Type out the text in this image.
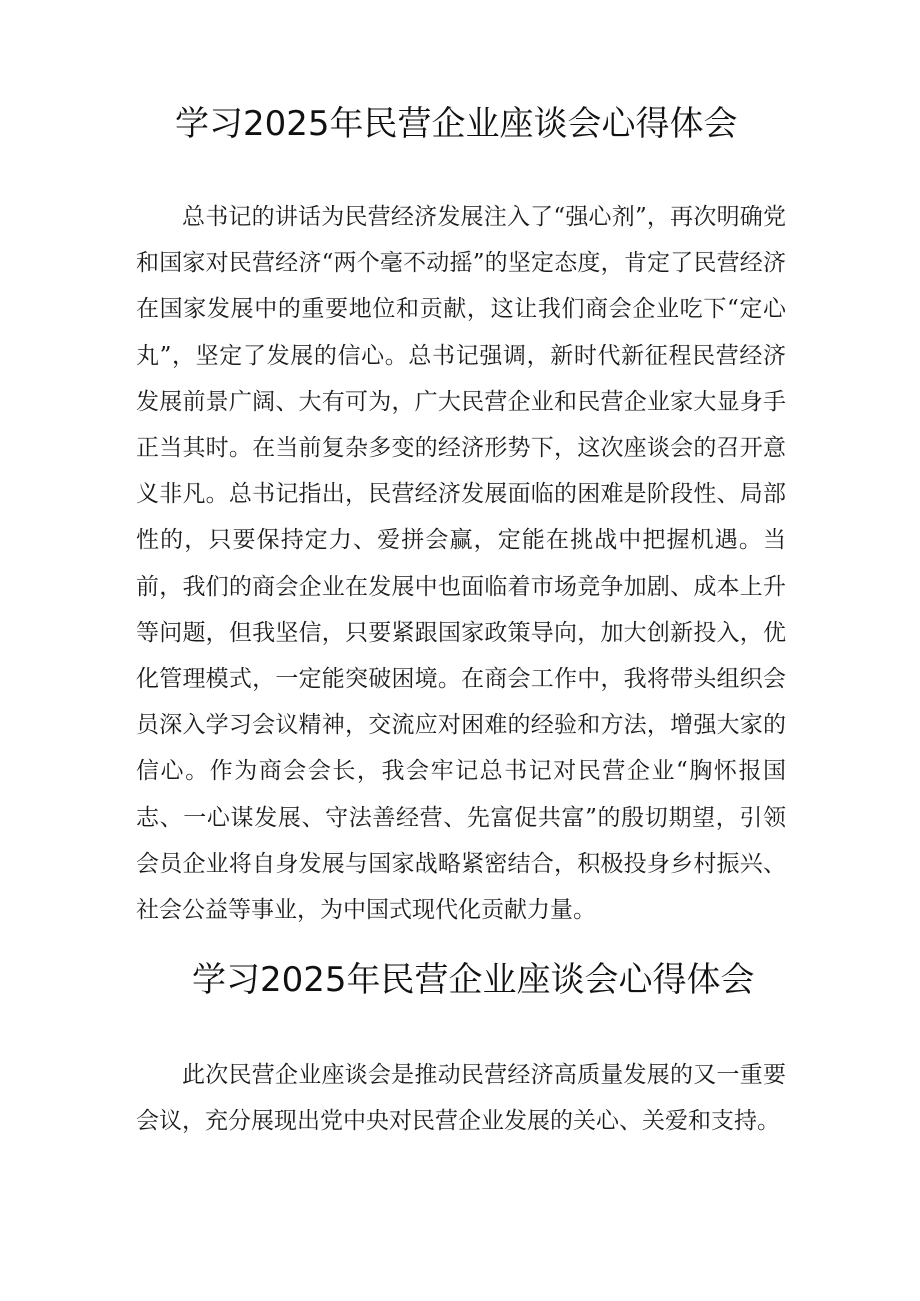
学习2025年民营企业座谈会心得体会

总书记的讲话为民营经济发展注入了“强心剂”，再次明确党和国家对民营经济“两个毫不动摇”的坚定态度，肯定了民营经济在国家发展中的重要地位和贡献，这让我们商会企业吃下“定心丸”，坚定了发展的信心。总书记强调，新时代新征程民营经济发展前景广阔、大有可为，广大民营企业和民营企业家大显身手正当其时。在当前复杂多变的经济形势下，这次座谈会的召开意义非凡。总书记指出，民营经济发展面临的困难是阶段性、局部性的，只要保持定力、爱拼会赢，定能在挑战中把握机遇。当前，我们的商会企业在发展中也面临着市场竞争加剧、成本上升等问题，但我坚信，只要紧跟国家政策导向，加大创新投入，优化管理模式，一定能突破困境。在商会工作中，我将带头组织会员深入学习会议精神，交流应对困难的经验和方法，增强大家的信心。作为商会会长，我会牢记总书记对民营企业“胸怀报国志、一心谋发展、守法善经营、先富促共富”的殷切期望，引领会员企业将自身发展与国家战略紧密结合，积极投身乡村振兴、社会公益等事业，为中国式现代化贡献力量。

学习2025年民营企业座谈会心得体会

此次民营企业座谈会是推动民营经济高质量发展的又一重要会议，充分展现出党中央对民营企业发展的关心、关爱和支持。
